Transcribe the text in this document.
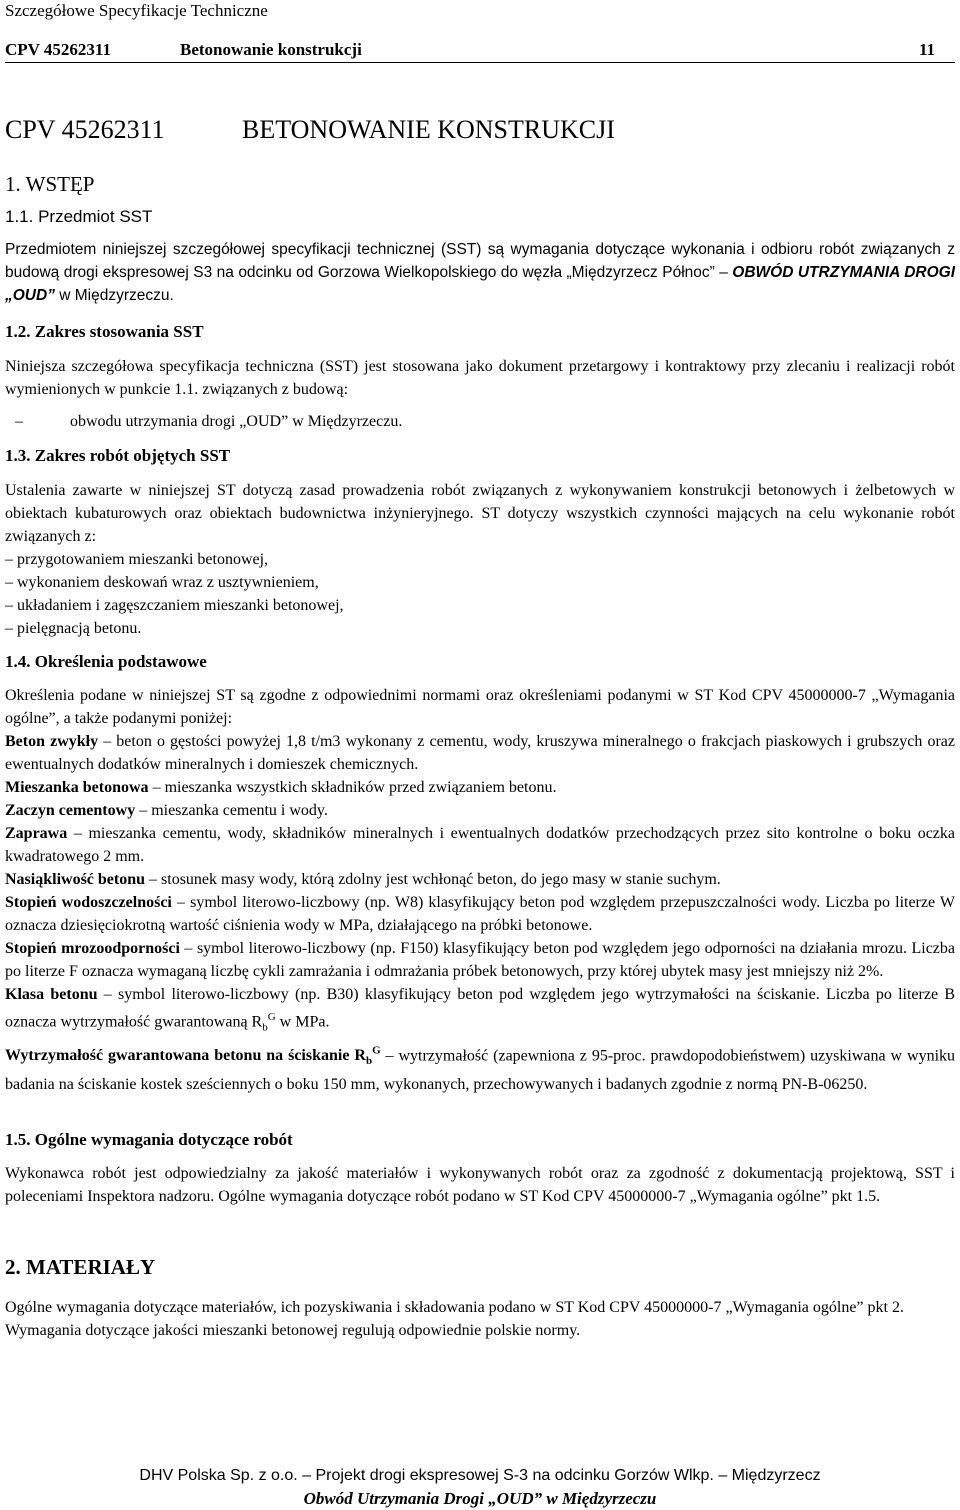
Szczegółowe Specyfikacje Techniczne
CPV 45262311	Betonowanie konstrukcji	11
CPV 45262311	BETONOWANIE KONSTRUKCJI
1. WSTĘP
1.1. Przedmiot SST

Przedmiotem niniejszej szczegółowej specyfikacji technicznej (SST) są wymagania dotyczące wykonania i odbioru robót związanych z budową drogi ekspresowej S3 na odcinku od Gorzowa Wielkopolskiego do węzła „Międzyrzecz Północ” – OBWÓD UTRZYMANIA DROGI „OUD” w Międzyrzeczu.

1.2. Zakres stosowania SST
Niniejsza szczegółowa specyfikacja techniczna (SST) jest stosowana jako dokument przetargowy i kontraktowy przy zlecaniu i realizacji robót wymienionych w punkcie 1.1. związanych z budową:
–	obwodu utrzymania drogi „OUD” w Międzyrzeczu.
1.3. Zakres robót objętych SST
Ustalenia zawarte w niniejszej ST dotyczą zasad prowadzenia robót związanych z wykonywaniem konstrukcji betonowych i żelbetowych w obiektach kubaturowych oraz obiektach budownictwa inżynieryjnego. ST dotyczy wszystkich czynności mających na celu wykonanie robót związanych z:
– przygotowaniem mieszanki betonowej,
– wykonaniem deskowań wraz z usztywnieniem,
– układaniem i zagęszczaniem mieszanki betonowej,
– pielęgnacją betonu.
1.4. Określenia podstawowe

Określenia podane w niniejszej ST są zgodne z odpowiednimi normami oraz określeniami podanymi w ST Kod CPV 45000000-7 „Wymagania ogólne”, a także podanymi poniżej:

Beton zwykły – beton o gęstości powyżej 1,8 t/m3 wykonany z cementu, wody, kruszywa mineralnego o frakcjach piaskowych i grubszych oraz ewentualnych dodatków mineralnych i domieszek chemicznych.

Mieszanka betonowa – mieszanka wszystkich składników przed związaniem betonu.

Zaczyn cementowy – mieszanka cementu i wody.

Zaprawa – mieszanka cementu, wody, składników mineralnych i ewentualnych dodatków przechodzących przez sito kontrolne o boku oczka kwadratowego 2 mm.

Nasiąkliwość betonu – stosunek masy wody, którą zdolny jest wchłonąć beton, do jego masy w stanie suchym.

Stopień wodoszczelności – symbol literowo-liczbowy (np. W8) klasyfikujący beton pod względem przepuszczalności wody. Liczba po literze W oznacza dziesięciokrotną wartość ciśnienia wody w MPa, działającego na próbki betonowe.

Stopień mrozoodporności – symbol literowo-liczbowy (np. F150) klasyfikujący beton pod względem jego odporności na działania mrozu. Liczba po literze F oznacza wymaganą liczbę cykli zamrażania i odmrażania próbek betonowych, przy której ubytek masy jest mniejszy niż 2%.

Klasa betonu – symbol literowo-liczbowy (np. B30) klasyfikujący beton pod względem jego wytrzymałości na ściskanie. Liczba po literze B oznacza wytrzymałość gwarantowaną $R_b^G$ w MPa.

Wytrzymałość gwarantowana betonu na ściskanie $R_b^G$ – wytrzymałość (zapewniona z 95-proc. prawdopodobieństwem) uzyskiwana w wyniku badania na ściskanie kostek sześciennych o boku 150 mm, wykonanych, przechowywanych i badanych zgodnie z normą PN-B-06250.

1.5. Ogólne wymagania dotyczące robót
Wykonawca robót jest odpowiedzialny za jakość materiałów i wykonywanych robót oraz za zgodność z dokumentacją projektową, SST i poleceniami Inspektora nadzoru. Ogólne wymagania dotyczące robót podano w ST Kod CPV 45000000-7 „Wymagania ogólne” pkt 1.5.
2. MATERIAŁY

Ogólne wymagania dotyczące materiałów, ich pozyskiwania i składowania podano w ST Kod CPV 45000000-7 „Wymagania ogólne” pkt 2.

Wymagania dotyczące jakości mieszanki betonowej regulują odpowiednie polskie normy.

DHV Polska Sp. z o.o. – Projekt drogi ekspresowej S-3 na odcinku Gorzów Wlkp. – Międzyrzecz
Obwód Utrzymania Drogi „OUD” w Międzyrzeczu
